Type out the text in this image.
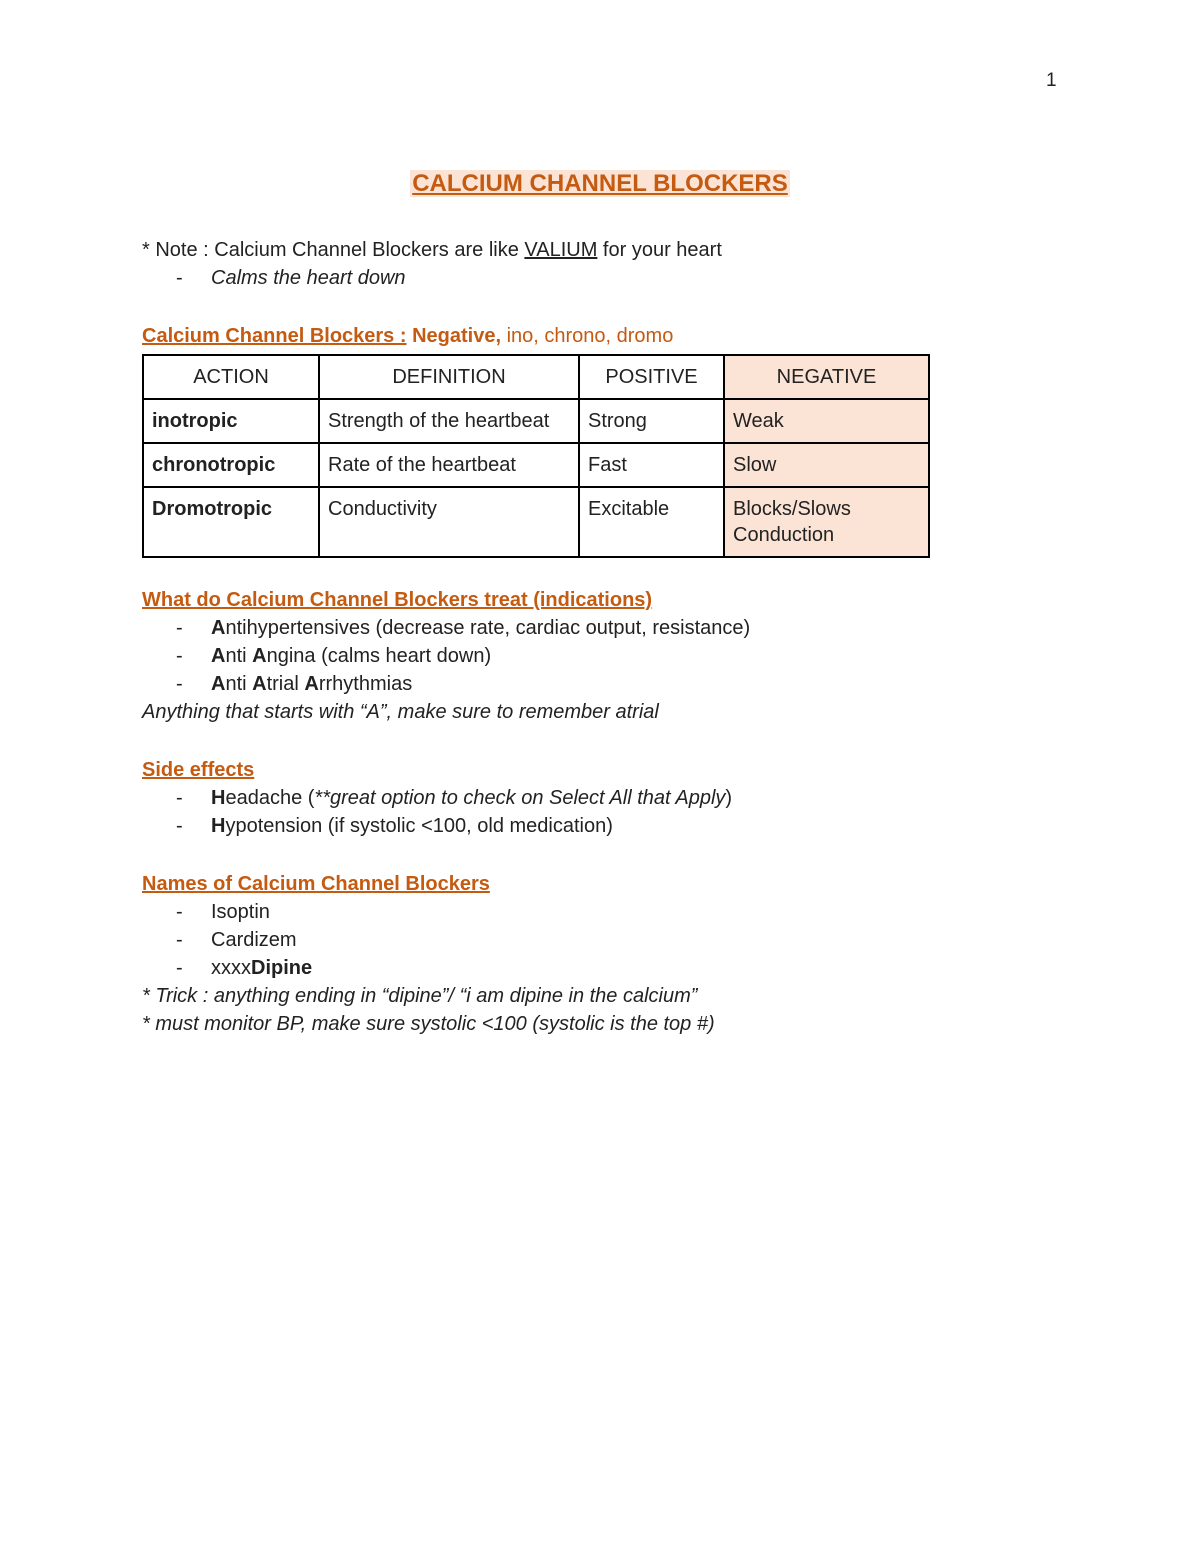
1
CALCIUM CHANNEL BLOCKERS
* Note : Calcium Channel Blockers are like VALIUM for your heart
- Calms the heart down
Calcium Channel Blockers : Negative, ino, chrono, dromo
ACTION	DEFINITION	POSITIVE	NEGATIVE
inotropic	Strength of the heartbeat	Strong	Weak
chronotropic	Rate of the heartbeat	Fast	Slow
Dromotropic	Conductivity	Excitable	Blocks/Slows Conduction
What do Calcium Channel Blockers treat (indications)
- Antihypertensives (decrease rate, cardiac output, resistance)
- Anti Angina (calms heart down)
- Anti Atrial Arrhythmias
Anything that starts with “A”, make sure to remember atrial
Side effects
- Headache (**great option to check on Select All that Apply)
- Hypotension (if systolic <100, old medication)
Names of Calcium Channel Blockers
- Isoptin
- Cardizem
- xxxxDipine
* Trick : anything ending in “dipine”/ “i am dipine in the calcium”
* must monitor BP, make sure systolic <100 (systolic is the top #)
